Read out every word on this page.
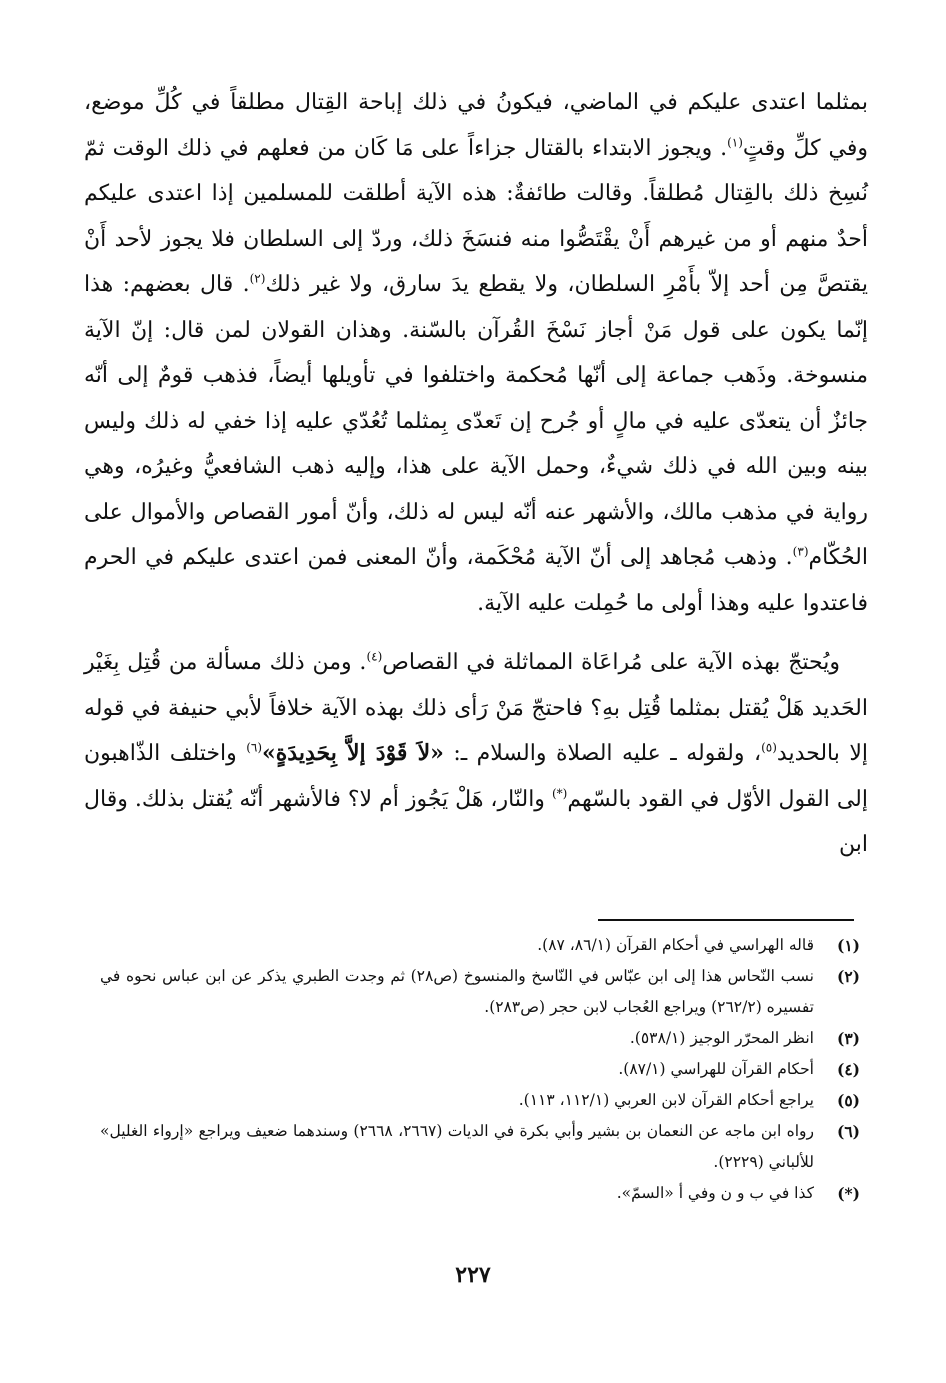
بمثلما اعتدى عليكم في الماضي، فيكونُ في ذلك إباحة القِتال مطلقاً في كُلِّ موضع، وفي كلِّ وقتٍ$^{(١)}$. ويجوز الابتداء بالقتال جزاءاً على مَا كَان من فعلهم في ذلك الوقت ثمّ نُسِخ ذلك بالقِتال مُطلقاً. وقالت طائفةٌ: هذه الآية أطلقت للمسلمين إذا اعتدى عليكم أحدٌ منهم أو من غيرهم أَنْ يقْتَصُّوا منه فنسَخَ ذلك، وردّ إلى السلطان فلا يجوز لأحد أَنْ يقتصَّ مِن أحد إلاّ بأَمْرِ السلطان، ولا يقطع يدَ سارق، ولا غير ذلك$^{(٢)}$. قال بعضهم: هذا إنّما يكون على قول مَنْ أجاز نَسْخَ القُرآن بالسّنة. وهذان القولان لمن قال: إنّ الآية منسوخة. وذَهب جماعة إلى أنّها مُحكمة واختلفوا في تأويلها أيضاً، فذهب قومٌ إلى أنّه جائزٌ أن يتعدّى عليه في مالٍ أو جُرح إن تَعدّى بِمثلما تُعُدّي عليه إذا خفي له ذلك وليس بينه وبين الله في ذلك شيءٌ، وحمل الآية على هذا، وإليه ذهب الشافعيُّ وغيرُه، وهي رواية في مذهب مالك، والأشهر عنه أنّه ليس له ذلك، وأنّ أمور القصاص والأموال على الحُكّام$^{(٣)}$. وذهب مُجاهد إلى أنّ الآية مُحْكَمة، وأنّ المعنى فمن اعتدى عليكم في الحرم فاعتدوا عليه وهذا أولى ما حُمِلت عليه الآية.

ويُحتجّ بهذه الآية على مُراعَاة المماثلة في القصاص$^{(٤)}$. ومن ذلك مسألة من قُتِل بِغَيْر الحَديد هَلْ يُقتل بمثلما قُتِل بهِ؟ فاحتجّ مَنْ رَأى ذلك بهذه الآية خلافاً لأبي حنيفة في قوله إلا بالحديد$^{(٥)}$، ولقوله ـ عليه الصلاة والسلام ـ: «لاَ قَوْدَ إلاَّ بِحَدِيدَةٍ»$^{(٦)}$ واختلف الذّاهبون إلى القول الأوّل في القود بالسّهم(*) والنّار، هَلْ يَجُوز أم لا؟ فالأشهر أنّه يُقتل بذلك. وقال ابن

(١)
قاله الهراسي في أحكام القرآن (٨٦/١، ٨٧).
(٢)
نسب النّحاس هذا إلى ابن عبّاس في النّاسخ والمنسوخ (ص٢٨) ثم وجدت الطبري يذكر عن ابن عباس نحوه في تفسيره (٢٦٢/٢) ويراجع العُجاب لابن حجر (ص٢٨٣).
(٣)
انظر المحرّر الوجيز (٥٣٨/١).
(٤)
أحكام القرآن للهراسي (٨٧/١).
(٥)
يراجع أحكام القرآن لابن العربي (١١٢/١، ١١٣).
(٦)
رواه ابن ماجه عن النعمان بن بشير وأبي بكرة في الديات (٢٦٦٧، ٢٦٦٨) وسندهما ضعيف ويراجع «إرواء الغليل» للألباني (٢٢٢٩).
(*)
كذا في ب و ن وفي أ «السمّ».
٢٢٧
